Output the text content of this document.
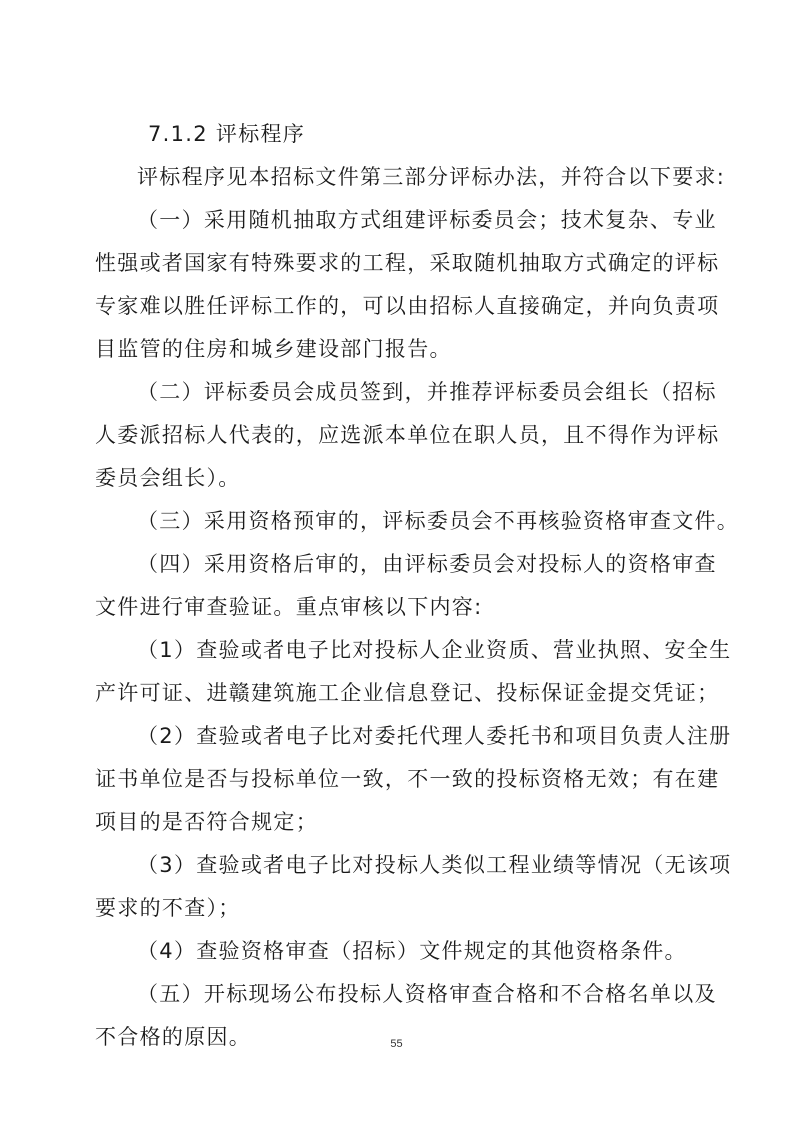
7.1.2 评标程序

评标程序见本招标文件第三部分评标办法，并符合以下要求:

（一）采用随机抽取方式组建评标委员会；技术复杂、专业

性强或者国家有特殊要求的工程，采取随机抽取方式确定的评标

专家难以胜任评标工作的，可以由招标人直接确定，并向负责项

目监管的住房和城乡建设部门报告。

（二）评标委员会成员签到，并推荐评标委员会组长（招标

人委派招标人代表的，应选派本单位在职人员，且不得作为评标

委员会组长）。

（三）采用资格预审的，评标委员会不再核验资格审查文件。

（四）采用资格后审的，由评标委员会对投标人的资格审查

文件进行审查验证。重点审核以下内容:

（1）查验或者电子比对投标人企业资质、营业执照、安全生

产许可证、进赣建筑施工企业信息登记、投标保证金提交凭证；

（2）查验或者电子比对委托代理人委托书和项目负责人注册

证书单位是否与投标单位一致，不一致的投标资格无效；有在建

项目的是否符合规定；

（3）查验或者电子比对投标人类似工程业绩等情况（无该项

要求的不查）；

（4）查验资格审查（招标）文件规定的其他资格条件。

（五）开标现场公布投标人资格审查合格和不合格名单以及

不合格的原因。	55
